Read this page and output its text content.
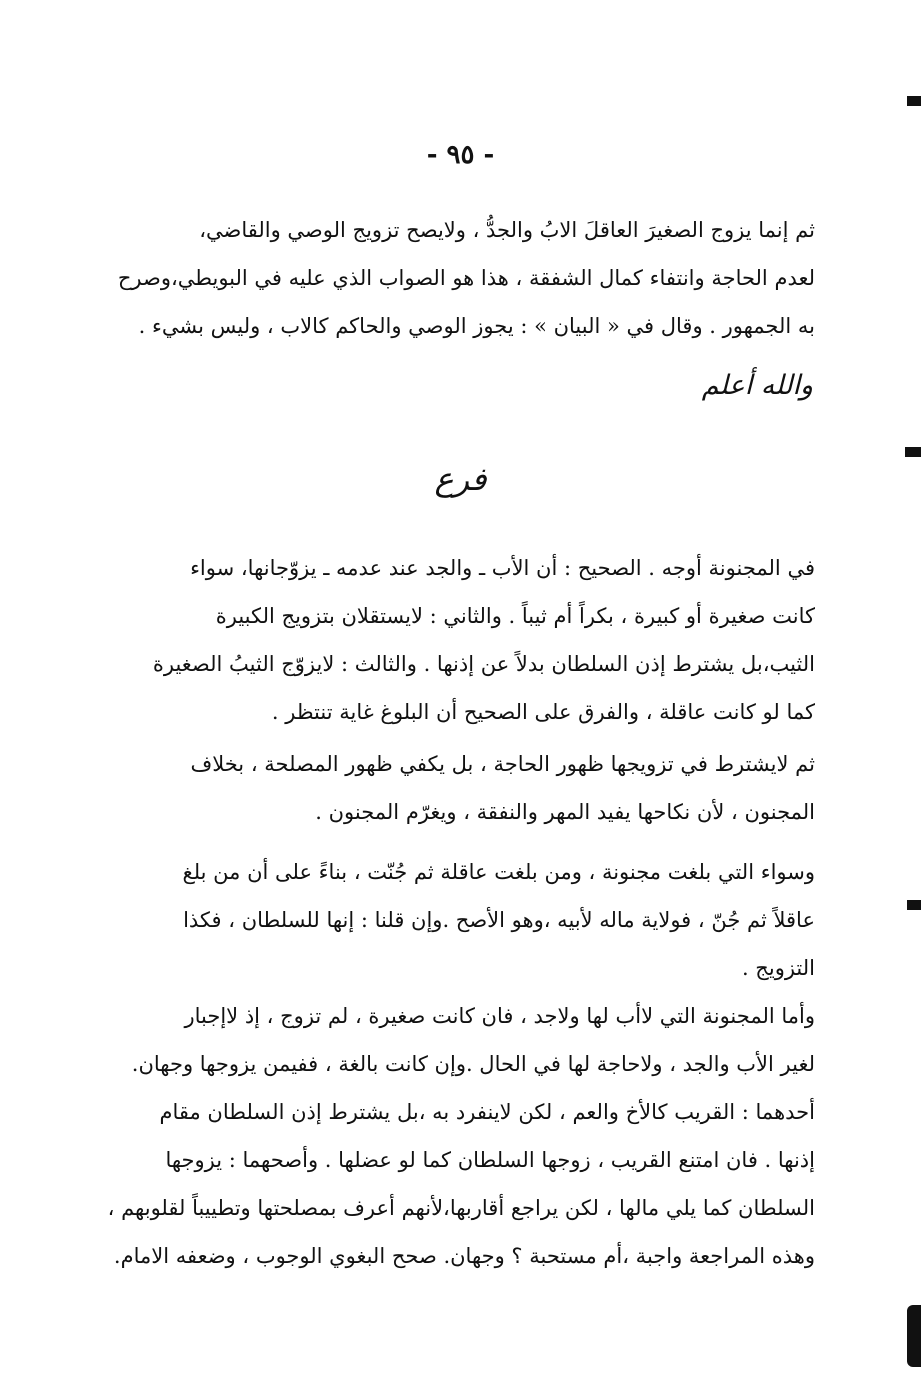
- ٩٥ -

ثم إنما يزوج الصغيرَ العاقلَ الابُ والجدُّ ، ولايصح تزويج الوصي والقاضي،

لعدم الحاجة وانتفاء كمال الشفقة ، هذا هو الصواب الذي عليه في البويطي،وصرح

به الجمهور . وقال في « البيان » : يجوز الوصي والحاكم كالاب ، وليس بشيء .

والله أعلم
فرع

في المجنونة أوجه . الصحيح : أن الأب ـ والجد عند عدمه ـ يزوّجانها، سواء

كانت صغيرة أو كبيرة ، بكراً أم ثيباً . والثاني : لايستقلان بتزويج الكبيرة

الثيب،بل يشترط إذن السلطان بدلاً عن إذنها . والثالث : لايزوّج الثيبُ الصغيرة

كما لو كانت عاقلة ، والفرق على الصحيح أن البلوغ غاية تنتظر .

ثم لايشترط في تزويجها ظهور الحاجة ، بل يكفي ظهور المصلحة ، بخلاف

المجنون ، لأن نكاحها يفيد المهر والنفقة ، ويغرّم المجنون .

وسواء التي بلغت مجنونة ، ومن بلغت عاقلة ثم جُنّت ، بناءً على أن من بلغ

عاقلاً ثم جُنّ ، فولاية ماله لأبيه ،وهو الأصح .وإن قلنا : إنها للسلطان ، فكذا

التزويج .

وأما المجنونة التي لاأب لها ولاجد ، فان كانت صغيرة ، لم تزوج ، إذ لاإجبار

لغير الأب والجد ، ولاحاجة لها في الحال .وإن كانت بالغة ، ففيمن يزوجها وجهان.

أحدهما : القريب كالأخ والعم ، لكن لاينفرد به ،بل يشترط إذن السلطان مقام

إذنها . فان امتنع القريب ، زوجها السلطان كما لو عضلها . وأصحهما : يزوجها

السلطان كما يلي مالها ، لكن يراجع أقاربها،لأنهم أعرف بمصلحتها وتطييباً لقلوبهم ،

وهذه المراجعة واجبة ،أم مستحبة ؟ وجهان. صحح البغوي الوجوب ، وضعفه الامام.
